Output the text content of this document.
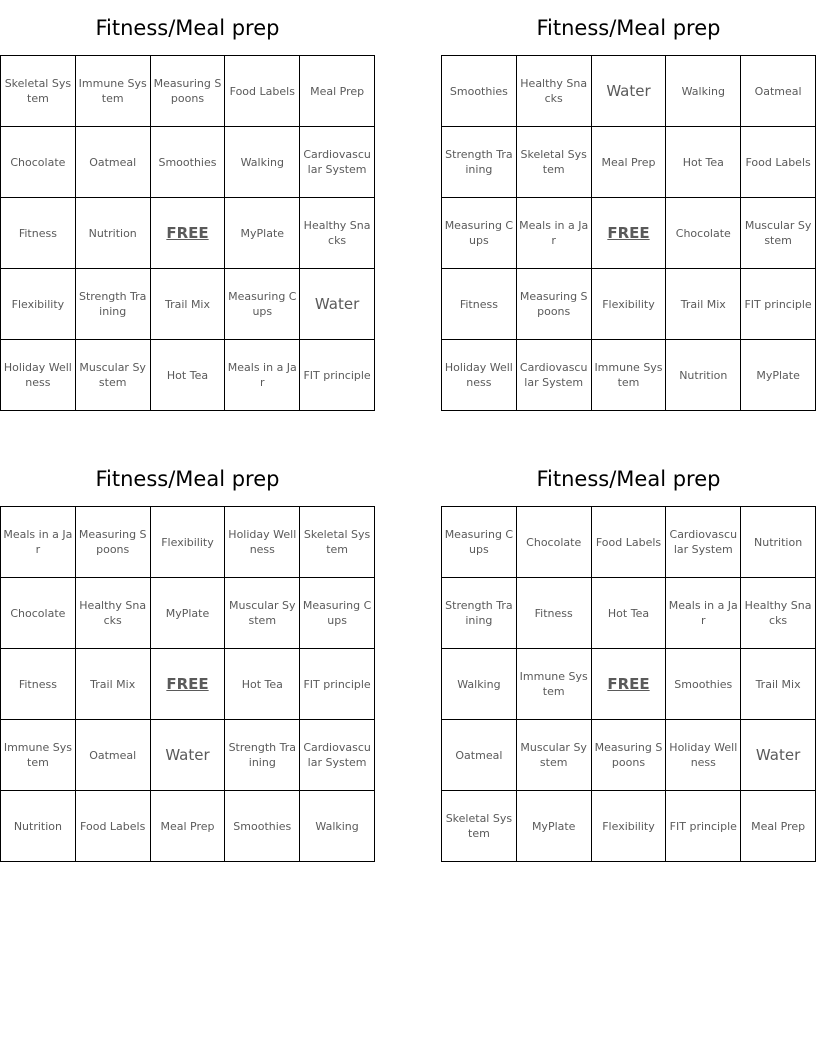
Fitness/Meal prep
Skeletal System	Immune System	Measuring Spoons	Food Labels	Meal Prep
Chocolate	Oatmeal	Smoothies	Walking	Cardiovascular System
Fitness	Nutrition	FREE	MyPlate	Healthy Snacks
Flexibility	Strength Training	Trail Mix	Measuring Cups	Water
Holiday Wellness	Muscular System	Hot Tea	Meals in a Jar	FIT principle
Fitness/Meal prep
Smoothies	Healthy Snacks	Water	Walking	Oatmeal
Strength Training	Skeletal System	Meal Prep	Hot Tea	Food Labels
Measuring Cups	Meals in a Jar	FREE	Chocolate	Muscular System
Fitness	Measuring Spoons	Flexibility	Trail Mix	FIT principle
Holiday Wellness	Cardiovascular System	Immune System	Nutrition	MyPlate
Fitness/Meal prep
Meals in a Jar	Measuring Spoons	Flexibility	Holiday Wellness	Skeletal System
Chocolate	Healthy Snacks	MyPlate	Muscular System	Measuring Cups
Fitness	Trail Mix	FREE	Hot Tea	FIT principle
Immune System	Oatmeal	Water	Strength Training	Cardiovascular System
Nutrition	Food Labels	Meal Prep	Smoothies	Walking
Fitness/Meal prep
Measuring Cups	Chocolate	Food Labels	Cardiovascular System	Nutrition
Strength Training	Fitness	Hot Tea	Meals in a Jar	Healthy Snacks
Walking	Immune System	FREE	Smoothies	Trail Mix
Oatmeal	Muscular System	Measuring Spoons	Holiday Wellness	Water
Skeletal System	MyPlate	Flexibility	FIT principle	Meal Prep
